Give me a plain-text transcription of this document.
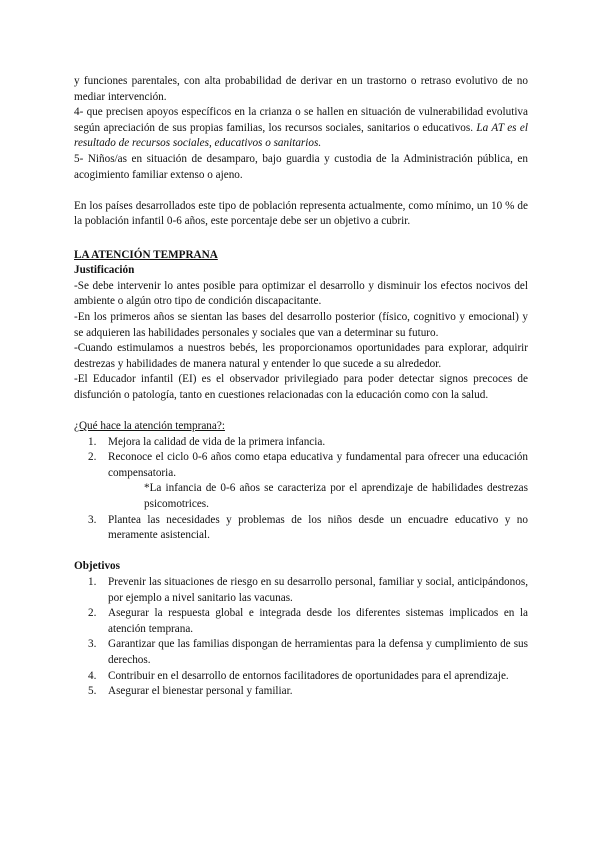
y funciones parentales, con alta probabilidad de derivar en un trastorno o retraso evolutivo de no mediar intervención.

4- que precisen apoyos específicos en la crianza o se hallen en situación de vulnerabilidad evolutiva según apreciación de sus propias familias, los recursos sociales, sanitarios o educativos. La AT es el resultado de recursos sociales, educativos o sanitarios.

5- Niños/as en situación de desamparo, bajo guardia y custodia de la Administración pública, en acogimiento familiar extenso o ajeno.

En los países desarrollados este tipo de población representa actualmente, como mínimo, un 10 % de la población infantil 0-6 años, este porcentaje debe ser un objetivo a cubrir.

LA ATENCIÓN TEMPRANA

Justificación

-Se debe intervenir lo antes posible para optimizar el desarrollo y disminuir los efectos nocivos del ambiente o algún otro tipo de condición discapacitante.

-En los primeros años se sientan las bases del desarrollo posterior (físico, cognitivo y emocional) y se adquieren las habilidades personales y sociales que van a determinar su futuro.

-Cuando estimulamos a nuestros bebés, les proporcionamos oportunidades para explorar, adquirir destrezas y habilidades de manera natural y entender lo que sucede a su alrededor.

-El Educador infantil (EI) es el observador privilegiado para poder detectar signos precoces de disfunción o patología, tanto en cuestiones relacionadas con la educación como con la salud.

¿Qué hace la atención temprana?:

1. Mejora la calidad de vida de la primera infancia.
2. Reconoce el ciclo 0-6 años como etapa educativa y fundamental para ofrecer una educación compensatoria.

*La infancia de 0-6 años se caracteriza por el aprendizaje de habilidades destrezas psicomotrices.

3. Plantea las necesidades y problemas de los niños desde un encuadre educativo y no meramente asistencial.

Objetivos

1. Prevenir las situaciones de riesgo en su desarrollo personal, familiar y social, anticipándonos, por ejemplo a nivel sanitario las vacunas.
2. Asegurar la respuesta global e integrada desde los diferentes sistemas implicados en la atención temprana.
3. Garantizar que las familias dispongan de herramientas para la defensa y cumplimiento de sus derechos.
4. Contribuir en el desarrollo de entornos facilitadores de oportunidades para el aprendizaje.
5. Asegurar el bienestar personal y familiar.
